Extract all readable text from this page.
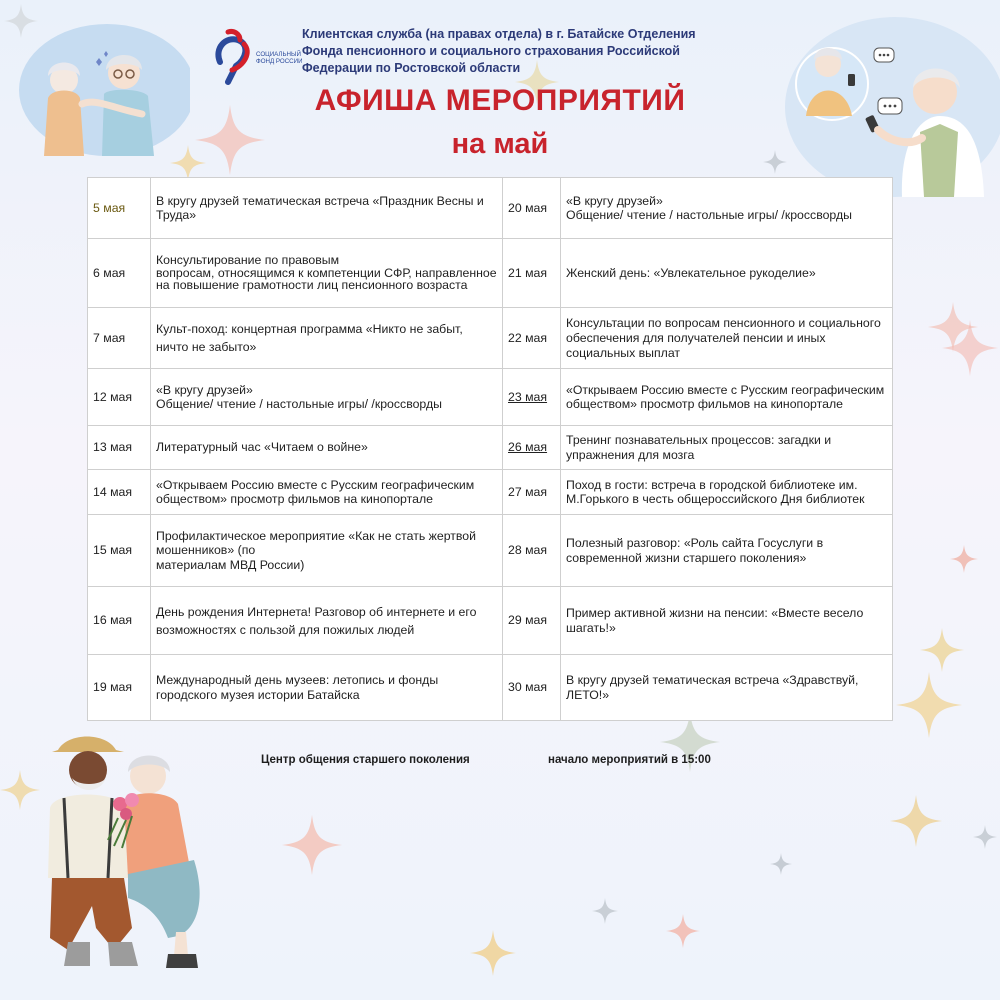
СОЦИАЛЬНЫЙ
ФОНД РОССИИ
Клиентская служба (на правах отдела) в г. Батайске Отделения
Фонда пенсионного и социального страхования Российской
Федерации по Ростовской области
АФИША МЕРОПРИЯТИЙ
на май
5 мая	В кругу друзей тематическая встреча «Праздник Весны и Труда»	20 мая	«В кругу друзей»
Общение/ чтение / настольные игры/ /кроссворды
6 мая	Консультирование по правовым
вопросам, относящимся к компетенции СФР, направленное на повышение грамотности лиц пенсионного возраста	21 мая	Женский день: «Увлекательное рукоделие»
7 мая	Культ-поход: концертная программа «Никто не забыт, ничто не забыто»	22 мая	Консультации по вопросам пенсионного и социального обеспечения для получателей пенсии и иных социальных выплат
12 мая	«В кругу друзей»
Общение/ чтение / настольные игры/ /кроссворды	23 мая	«Открываем Россию вместе с Русским географическим обществом» просмотр фильмов на кинопортале
13 мая	Литературный час «Читаем о войне»	26 мая	Тренинг познавательных процессов: загадки и упражнения для мозга
14 мая	«Открываем Россию вместе с Русским географическим обществом» просмотр фильмов на кинопортале	27 мая	Поход в гости: встреча в городской библиотеке им. М.Горького в честь общероссийского Дня библиотек
15 мая	Профилактическое мероприятие «Как не стать жертвой мошенников» (по
материалам МВД России)	28 мая	Полезный разговор: «Роль сайта Госуслуги в современной жизни старшего поколения»
16 мая	День рождения Интернета! Разговор об интернете и его возможностях с пользой для пожилых людей	29 мая	Пример активной жизни на пенсии: «Вместе весело шагать!»
19 мая	Международный день музеев: летопись и фонды городского музея истории Батайска	30 мая	В кругу друзей тематическая встреча «Здравствуй, ЛЕТО!»
Центр общения старшего поколения	начало мероприятий в 15:00
